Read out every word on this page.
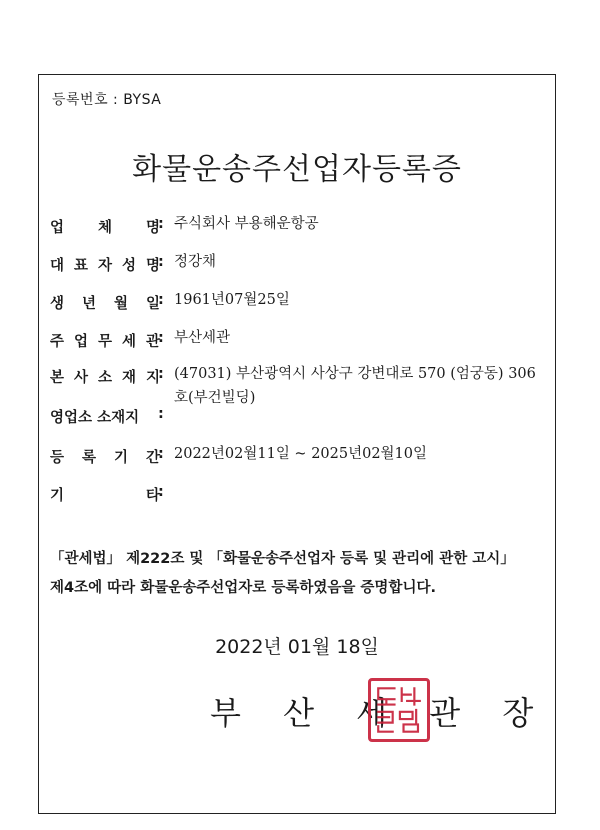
등록번호 : BYSA
화물운송주선업자등록증
업 체 명
: 주식회사 부용해운항공
대 표 자 성 명
: 정강채
생 년 월 일
: 1961년07월25일
주 업 무 세 관
: 부산세관
본 사 소 재 지
: (47031) 부산광역시 사상구 강변대로 570 (엄궁동) 306호(부건빌딩)
영업소 소재지 :
등 록 기 간
: 2022년02월11일 ~ 2025년02월10일
기	타
:
「관세법」 제222조 및 「화물운송주선업자 등록 및 관리에 관한 고시」
제4조에 따라 화물운송주선업자로 등록하였음을 증명합니다.
2022년 01월 18일
부 산 세 관 장
